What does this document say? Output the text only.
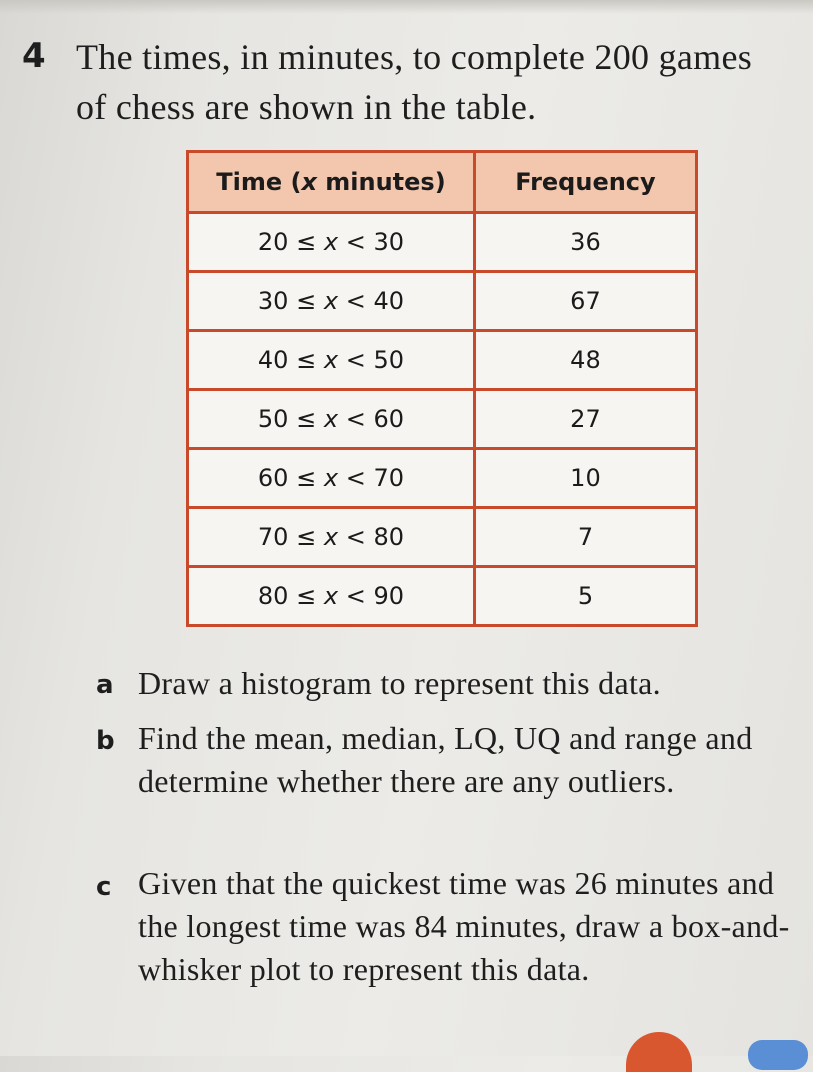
4 The times, in minutes, to complete 200 games of chess are shown in the table.
Time (x minutes)	Frequency
20 ≤ x < 30	36
30 ≤ x < 40	67
40 ≤ x < 50	48
50 ≤ x < 60	27
60 ≤ x < 70	10
70 ≤ x < 80	7
80 ≤ x < 90	5
a Draw a histogram to represent this data.
b Find the mean, median, LQ, UQ and range and determine whether there are any outliers.
c Given that the quickest time was 26 minutes and the longest time was 84 minutes, draw a box-and-whisker plot to represent this data.
